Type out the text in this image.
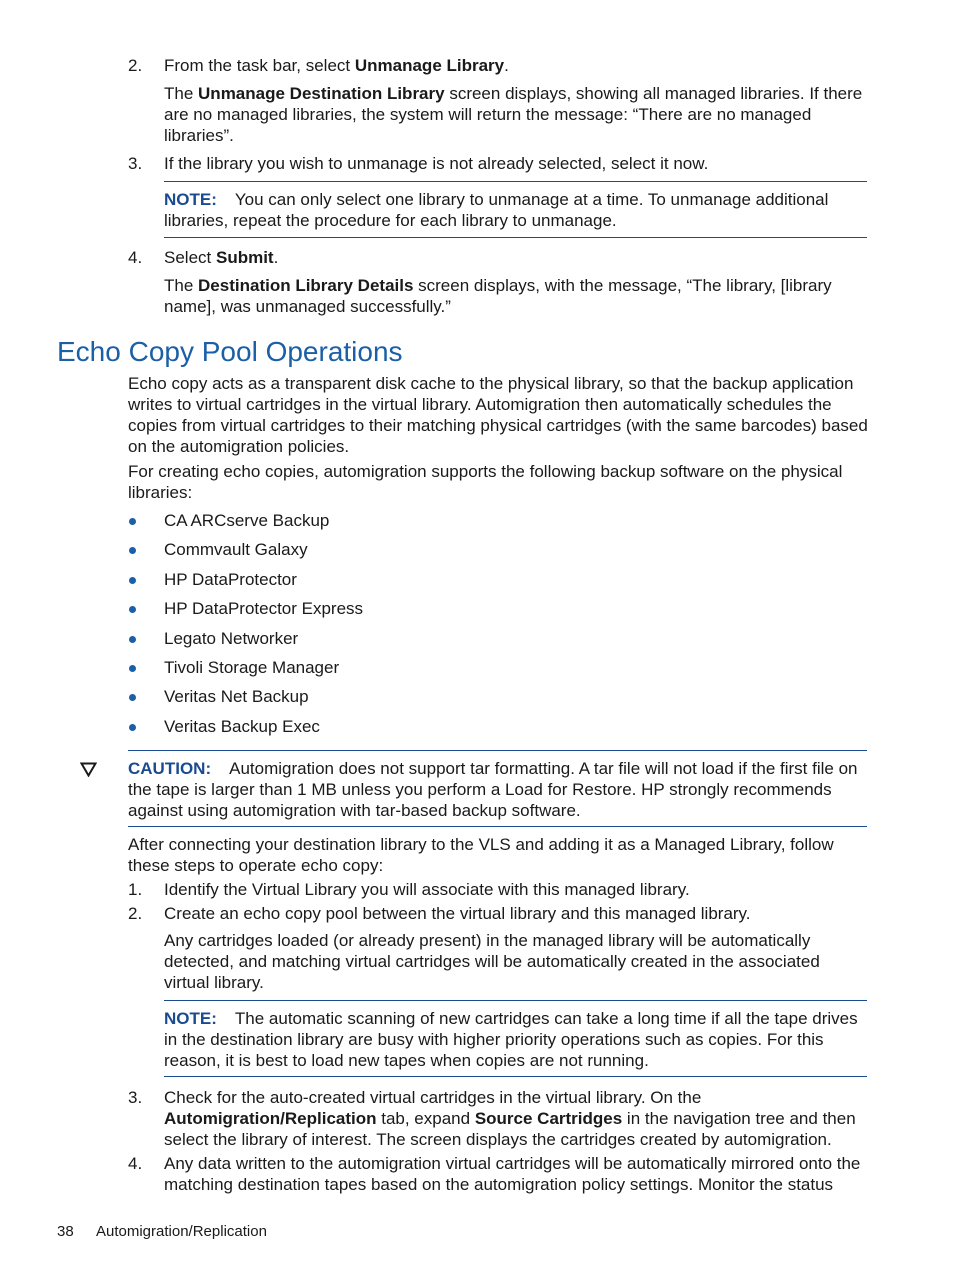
2. From the task bar, select Unmanage Library.

The Unmanage Destination Library screen displays, showing all managed libraries. If there are no managed libraries, the system will return the message: “There are no managed libraries”.

3. If the library you wish to unmanage is not already selected, select it now.

NOTE: You can only select one library to unmanage at a time. To unmanage additional libraries, repeat the procedure for each library to unmanage.

4. Select Submit.

The Destination Library Details screen displays, with the message, “The library, [library name], was unmanaged successfully.”

Echo Copy Pool Operations

Echo copy acts as a transparent disk cache to the physical library, so that the backup application writes to virtual cartridges in the virtual library. Automigration then automatically schedules the copies from virtual cartridges to their matching physical cartridges (with the same barcodes) based on the automigration policies.

For creating echo copies, automigration supports the following backup software on the physical libraries:

CA ARCserve Backup
Commvault Galaxy
HP DataProtector
HP DataProtector Express
Legato Networker
Tivoli Storage Manager
Veritas Net Backup
Veritas Backup Exec

CAUTION: Automigration does not support tar formatting. A tar file will not load if the first file on the tape is larger than 1 MB unless you perform a Load for Restore. HP strongly recommends against using automigration with tar-based backup software.

After connecting your destination library to the VLS and adding it as a Managed Library, follow these steps to operate echo copy:

1. Identify the Virtual Library you will associate with this managed library.

2. Create an echo copy pool between the virtual library and this managed library.

Any cartridges loaded (or already present) in the managed library will be automatically detected, and matching virtual cartridges will be automatically created in the associated virtual library.

NOTE: The automatic scanning of new cartridges can take a long time if all the tape drives in the destination library are busy with higher priority operations such as copies. For this reason, it is best to load new tapes when copies are not running.

3. Check for the auto-created virtual cartridges in the virtual library. On the Automigration/Replication tab, expand Source Cartridges in the navigation tree and then select the library of interest. The screen displays the cartridges created by automigration.

4. Any data written to the automigration virtual cartridges will be automatically mirrored onto the matching destination tapes based on the automigration policy settings. Monitor the status

38 Automigration/Replication
